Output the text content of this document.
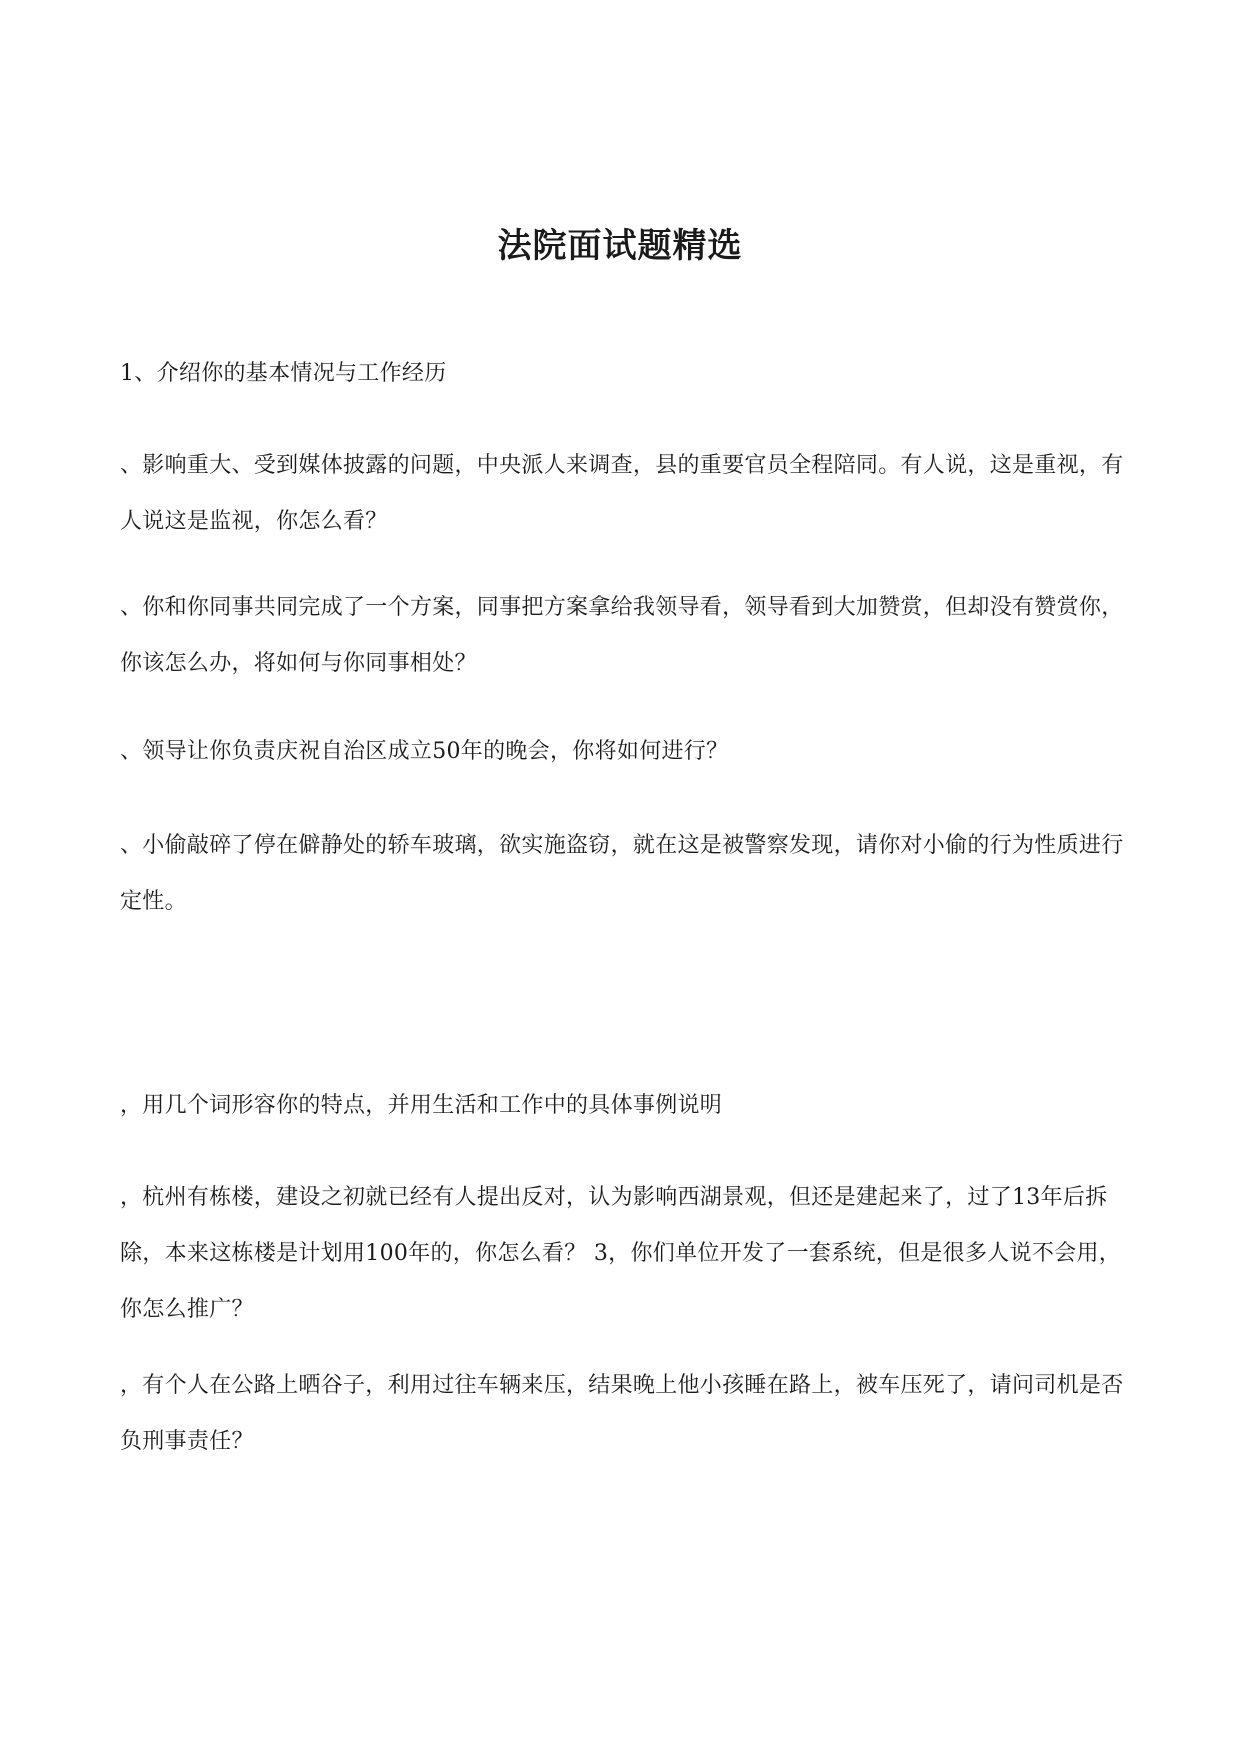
法院面试题精选

1、介绍你的基本情况与工作经历

、影响重大、受到媒体披露的问题，中央派人来调查，县的重要官员全程陪同。有人说，这是重视，有人说这是监视，你怎么看？

、你和你同事共同完成了一个方案，同事把方案拿给我领导看，领导看到大加赞赏，但却没有赞赏你，你该怎么办，将如何与你同事相处？

、领导让你负责庆祝自治区成立50年的晚会，你将如何进行？

、小偷敲碎了停在僻静处的轿车玻璃，欲实施盗窃，就在这是被警察发现，请你对小偷的行为性质进行定性。

，用几个词形容你的特点，并用生活和工作中的具体事例说明

，杭州有栋楼，建设之初就已经有人提出反对，认为影响西湖景观，但还是建起来了，过了13年后拆除，本来这栋楼是计划用100年的，你怎么看？ 3，你们单位开发了一套系统，但是很多人说不会用，你怎么推广？

，有个人在公路上晒谷子，利用过往车辆来压，结果晚上他小孩睡在路上，被车压死了，请问司机是否负刑事责任？
